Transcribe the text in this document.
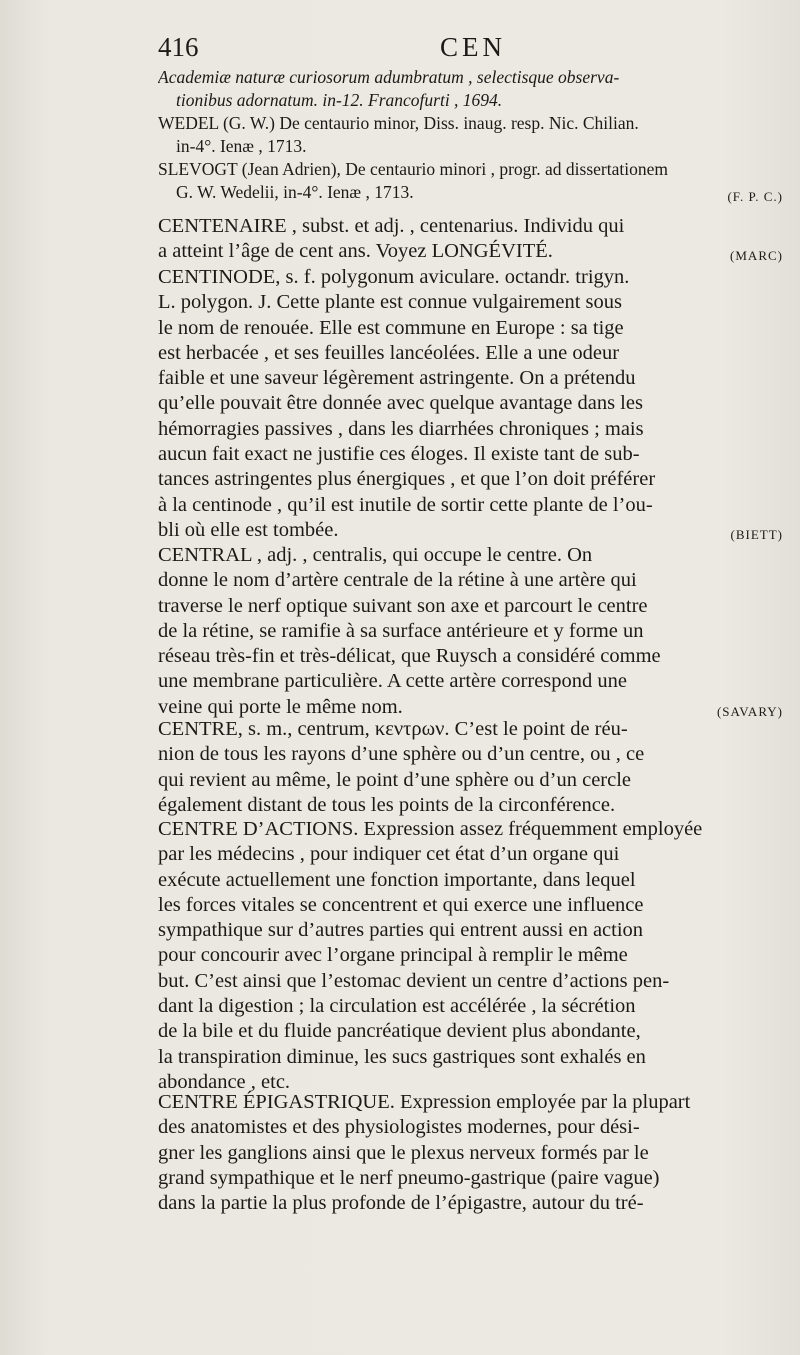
416	CEN
Academiæ naturæ curiosorum adumbratum , selectisque observa-
tionibus adornatum. in-12. Francofurti , 1694.
WEDEL (G. W.) De centaurio minor, Diss. inaug. resp. Nic. Chilian.
in-4°. Ienæ , 1713.
SLEVOGT (Jean Adrien), De centaurio minori , progr. ad dissertationem
G. W. Wedelii, in-4°. Ienæ , 1713.	(F. P. C.)
CENTENAIRE , subst. et adj. , centenarius. Individu qui
a atteint l’âge de cent ans. Voyez LONGÉVITÉ.	(MARC)
CENTINODE, s. f. polygonum aviculare. octandr. trigyn.
L. polygon. J. Cette plante est connue vulgairement sous
le nom de renouée. Elle est commune en Europe : sa tige
est herbacée , et ses feuilles lancéolées. Elle a une odeur
faible et une saveur légèrement astringente. On a prétendu
qu’elle pouvait être donnée avec quelque avantage dans les
hémorragies passives , dans les diarrhées chroniques ; mais
aucun fait exact ne justifie ces éloges. Il existe tant de sub-
tances astringentes plus énergiques , et que l’on doit préférer
à la centinode , qu’il est inutile de sortir cette plante de l’ou-
bli où elle est tombée.	(BIETT)
CENTRAL , adj. , centralis, qui occupe le centre. On
donne le nom d’artère centrale de la rétine à une artère qui
traverse le nerf optique suivant son axe et parcourt le centre
de la rétine, se ramifie à sa surface antérieure et y forme un
réseau très-fin et très-délicat, que Ruysch a considéré comme
une membrane particulière. A cette artère correspond une
veine qui porte le même nom.	(SAVARY)
CENTRE, s. m., centrum, κεντρων. C’est le point de réu-
nion de tous les rayons d’une sphère ou d’un centre, ou , ce
qui revient au même, le point d’une sphère ou d’un cercle
également distant de tous les points de la circonférence.
CENTRE D’ACTIONS. Expression assez fréquemment employée
par les médecins , pour indiquer cet état d’un organe qui
exécute actuellement une fonction importante, dans lequel
les forces vitales se concentrent et qui exerce une influence
sympathique sur d’autres parties qui entrent aussi en action
pour concourir avec l’organe principal à remplir le même
but. C’est ainsi que l’estomac devient un centre d’actions pen-
dant la digestion ; la circulation est accélérée , la sécrétion
de la bile et du fluide pancréatique devient plus abondante,
la transpiration diminue, les sucs gastriques sont exhalés en
abondance , etc.
CENTRE ÉPIGASTRIQUE. Expression employée par la plupart
des anatomistes et des physiologistes modernes, pour dési-
gner les ganglions ainsi que le plexus nerveux formés par le
grand sympathique et le nerf pneumo-gastrique (paire vague)
dans la partie la plus profonde de l’épigastre, autour du tré-
